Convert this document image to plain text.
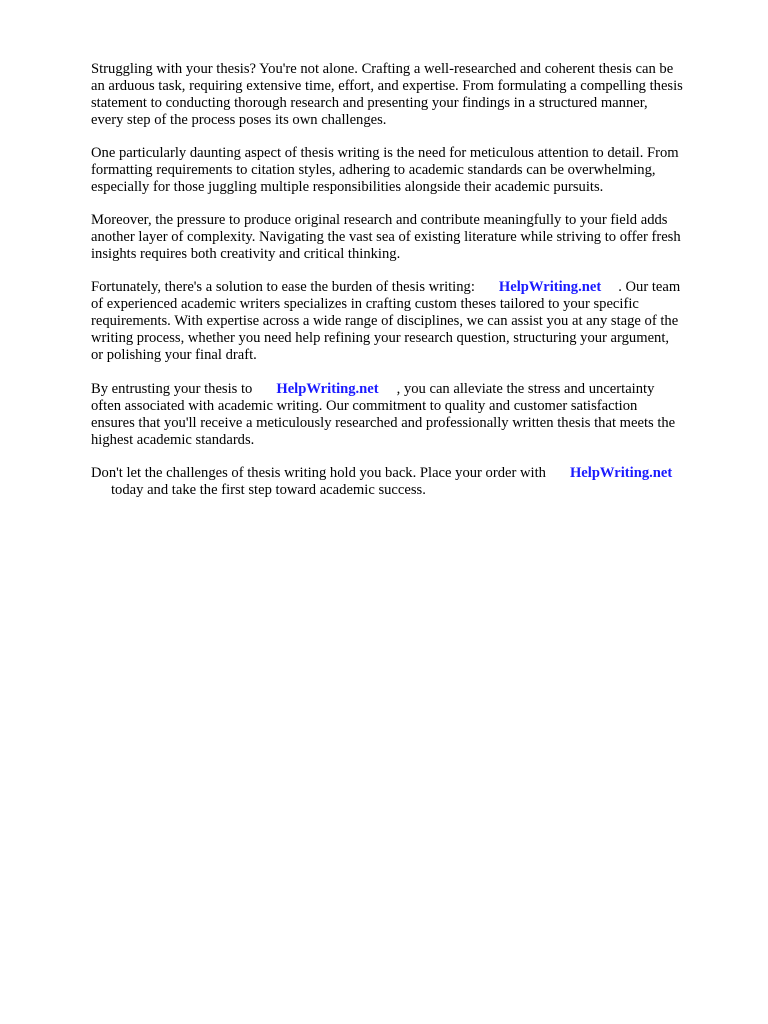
Struggling with your thesis? You're not alone. Crafting a well-researched and coherent thesis can be
an arduous task, requiring extensive time, effort, and expertise. From formulating a compelling thesis
statement to conducting thorough research and presenting your findings in a structured manner,
every step of the process poses its own challenges.

One particularly daunting aspect of thesis writing is the need for meticulous attention to detail. From
formatting requirements to citation styles, adhering to academic standards can be overwhelming,
especially for those juggling multiple responsibilities alongside their academic pursuits.

Moreover, the pressure to produce original research and contribute meaningfully to your field adds
another layer of complexity. Navigating the vast sea of existing literature while striving to offer fresh
insights requires both creativity and critical thinking.

Fortunately, there's a solution to ease the burden of thesis writing: HelpWriting.net . Our team
of experienced academic writers specializes in crafting custom theses tailored to your specific
requirements. With expertise across a wide range of disciplines, we can assist you at any stage of the
writing process, whether you need help refining your research question, structuring your argument,
or polishing your final draft.

By entrusting your thesis to HelpWriting.net , you can alleviate the stress and uncertainty
often associated with academic writing. Our commitment to quality and customer satisfaction
ensures that you'll receive a meticulously researched and professionally written thesis that meets the
highest academic standards.

Don't let the challenges of thesis writing hold you back. Place your order with HelpWriting.net
today and take the first step toward academic success.
